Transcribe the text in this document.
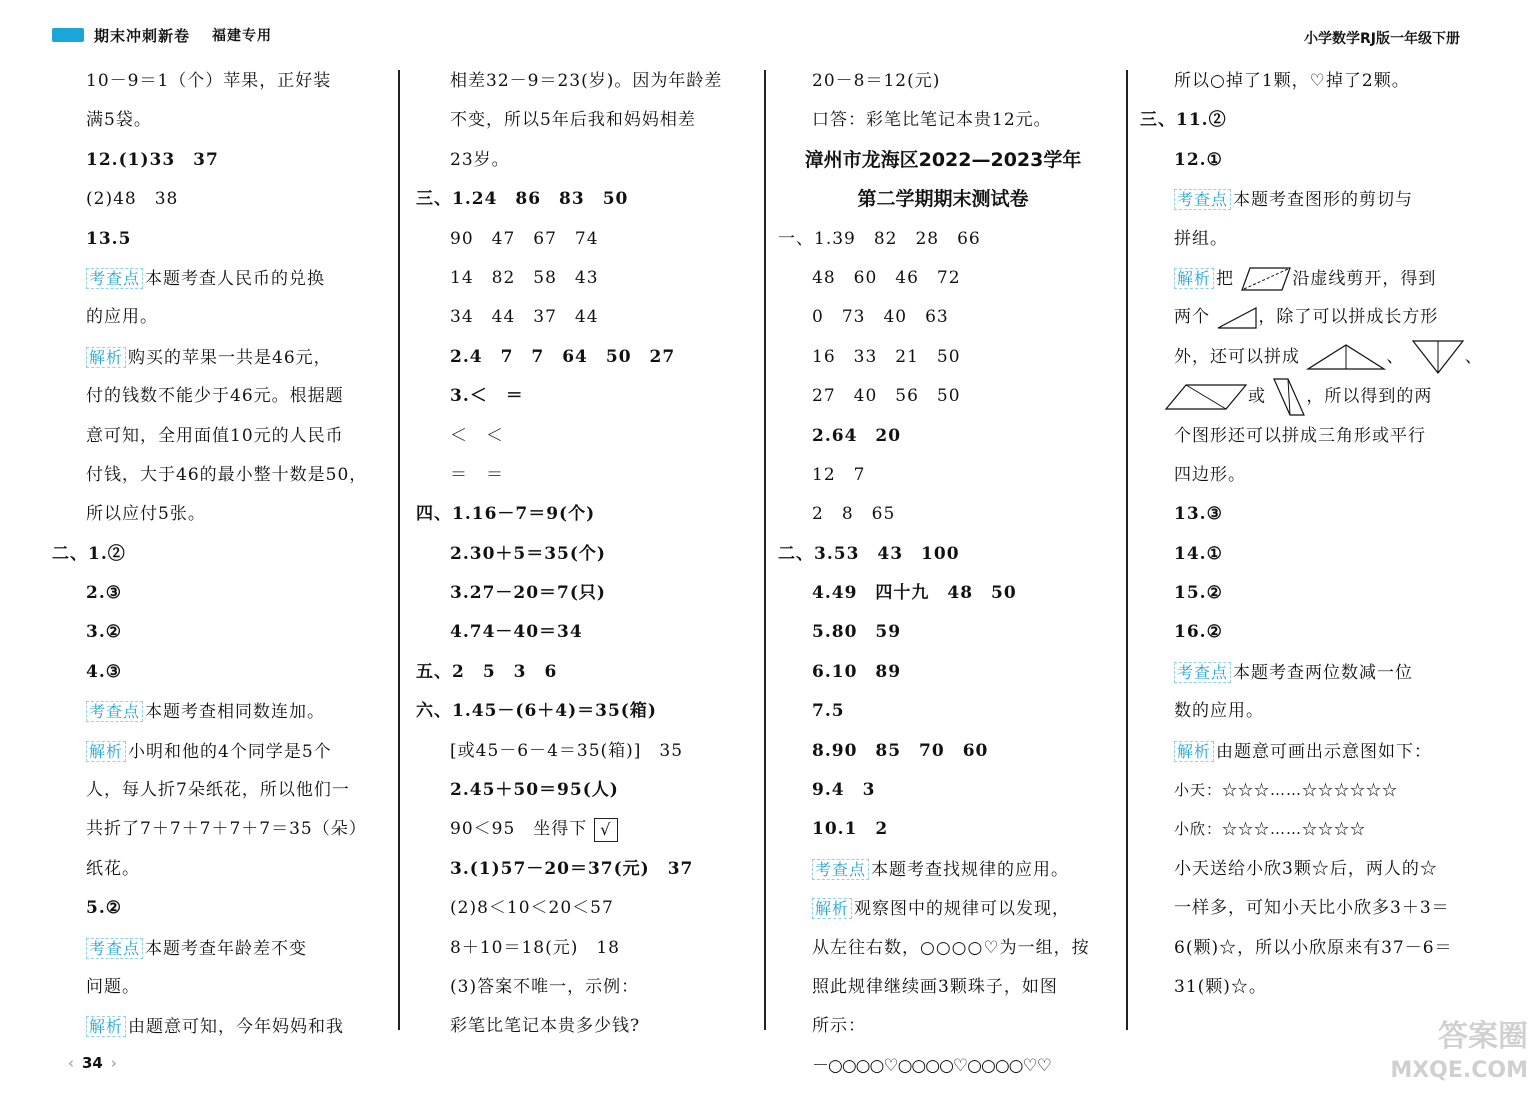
期末冲刺新卷 福建专用	小学数学RJ版一年级下册
10－9＝1（个）苹果，正好装
满5袋。
12.(1)33　37
(2)48　38
13.5
考查点 本题考查人民币的兑换
的应用。
解析 购买的苹果一共是46元，
付的钱数不能少于46元。根据题
意可知，全用面值10元的人民币
付钱，大于46的最小整十数是50，
所以应付5张。
二、1.②
2.③
3.②
4.③
考查点 本题考查相同数连加。
解析 小明和他的4个同学是5个
人，每人折7朵纸花，所以他们一
共折了7＋7＋7＋7＋7＝35（朵）
纸花。
5.②
考查点 本题考查年龄差不变
问题。
解析 由题意可知，今年妈妈和我
相差32－9＝23(岁)。因为年龄差
不变，所以5年后我和妈妈相差
23岁。
三、1.24　86　83　50
90　47　67　74
14　82　58　43
34　44　37　44
2.4　7　7　64　50　27
3.＜　＝
＜　＜
＝　＝
四、1.16－7＝9(个)
2.30＋5＝35(个)
3.27－20＝7(只)
4.74－40＝34
五、2　5　3　6
六、1.45－(6＋4)＝35(箱)
[或45－6－4＝35(箱)]　35
2.45＋50＝95(人)
90＜95　坐得下 √
3.(1)57－20＝37(元)　37
(2)8＜10＜20＜57
8＋10＝18(元)　18
(3)答案不唯一，示例：
彩笔比笔记本贵多少钱?
20－8＝12(元)
口答：彩笔比笔记本贵12元。
漳州市龙海区2022—2023学年
第二学期期末测试卷
一、1.39　82　28　66
48　60　46　72
0　73　40　63
16　33　21　50
27　40　56　50
2.64　20
12　7
2　8　65
二、3.53　43　100
4.49　四十九　48　50
5.80　59
6.10　89
7.5
8.90　85　70　60
9.4　3
10.1　2
考查点 本题考查找规律的应用。
解析 观察图中的规律可以发现，
从左往右数，○○○○♡为一组，按
照此规律继续画3颗珠子，如图
所示：
－○○○○♡○○○○♡○○○○♡♡
所以○掉了1颗，♡掉了2颗。
三、11.②
12.①
考查点 本题考查图形的剪切与
拼组。
解析 把	沿虚线剪开，得到
两个	，除了可以拼成长方形
外，还可以拼成	、	、
或 ，所以得到的两
个图形还可以拼成三角形或平行
四边形。
13.③
14.①
15.②
16.②
考查点 本题考查两位数减一位
数的应用。
解析 由题意可画出示意图如下：
小天：☆☆☆……☆☆☆☆☆☆
小欣：☆☆☆……☆☆☆☆
小天送给小欣3颗☆后，两人的☆
一样多，可知小天比小欣多3＋3＝
6(颗)☆，所以小欣原来有37－6＝
31(颗)☆。
‹ 34 ›
答案圈
MXQE.COM
